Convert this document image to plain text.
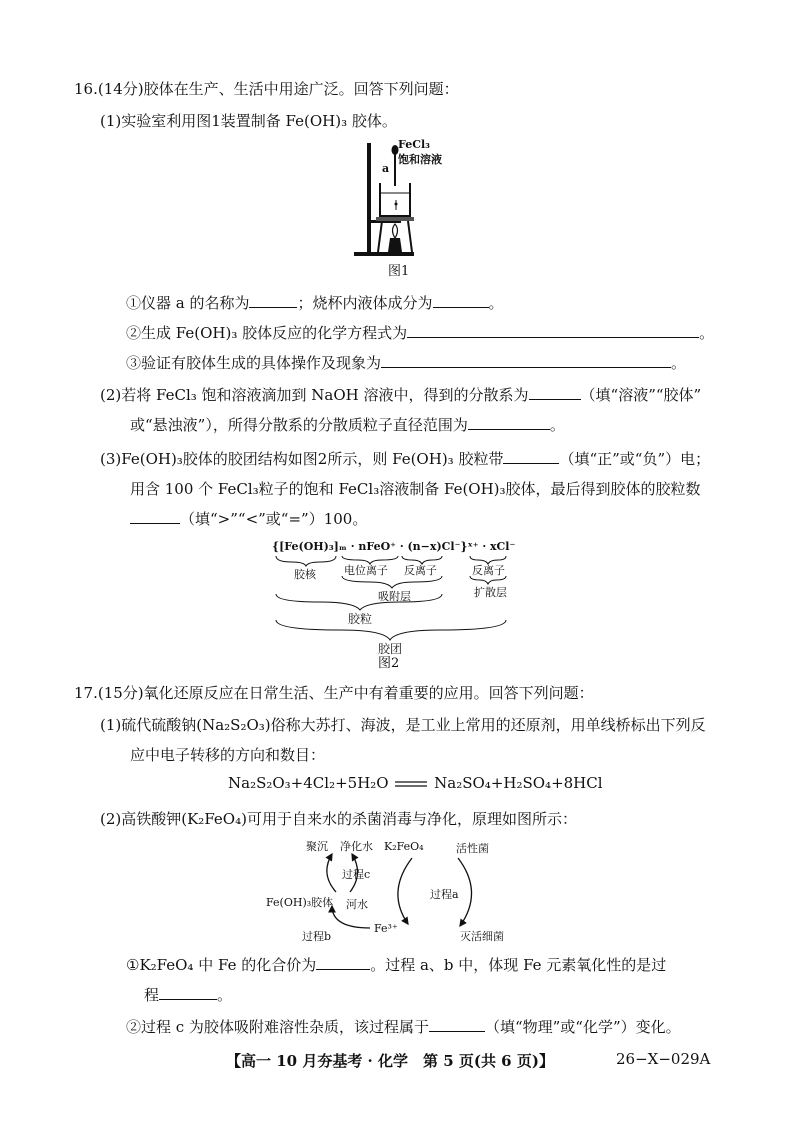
16.(14分)胶体在生产、生活中用途广泛。回答下列问题：
(1)实验室利用图1装置制备 Fe(OH)₃ 胶体。
FeCl₃
饱和溶液
a
图1
①仪器 a 的名称为	；烧杯内液体成分为	。
②生成 Fe(OH)₃ 胶体反应的化学方程式为	。
③验证有胶体生成的具体操作及现象为	。
(2)若将 FeCl₃ 饱和溶液滴加到 NaOH 溶液中，得到的分散系为	（填“溶液”“胶体”
或“悬浊液”），所得分散系的分散质粒子直径范围为	。
(3)Fe(OH)₃胶体的胶团结构如图2所示，则 Fe(OH)₃ 胶粒带	（填“正”或“负”）电；
用含 100 个 FeCl₃粒子的饱和 FeCl₃溶液制备 Fe(OH)₃胶体，最后得到胶体的胶粒数
（填“>”“<”或“=”）100。
{[Fe(OH)₃]ₘ · nFeO⁺ · (n−x)Cl⁻}ˣ⁺ · xCl⁻
胶核	电位离子 反离子	反离子
吸附层	扩散层
胶粒
胶团
图2
17.(15分)氧化还原反应在日常生活、生产中有着重要的应用。回答下列问题：
(1)硫代硫酸钠(Na₂S₂O₃)俗称大苏打、海波，是工业上常用的还原剂，用单线桥标出下列反
应中电子转移的方向和数目：
Na₂S₂O₃+4Cl₂+5H₂O	Na₂SO₄+H₂SO₄+8HCl
(2)高铁酸钾(K₂FeO₄)可用于自来水的杀菌消毒与净化，原理如图所示：
聚沉 净化水
过程c
Fe(OH)₃胶体 河水
过程b
K₂FeO₄
Fe³⁺
活性菌
过程a
灭活细菌
①K₂FeO₄ 中 Fe 的化合价为	。过程 a、b 中，体现 Fe 元素氧化性的是过
程	。
②过程 c 为胶体吸附难溶性杂质，该过程属于	（填“物理”或“化学”）变化。
【高一 10 月夯基考 · 化学　第 5 页(共 6 页)】	26−X−029A
